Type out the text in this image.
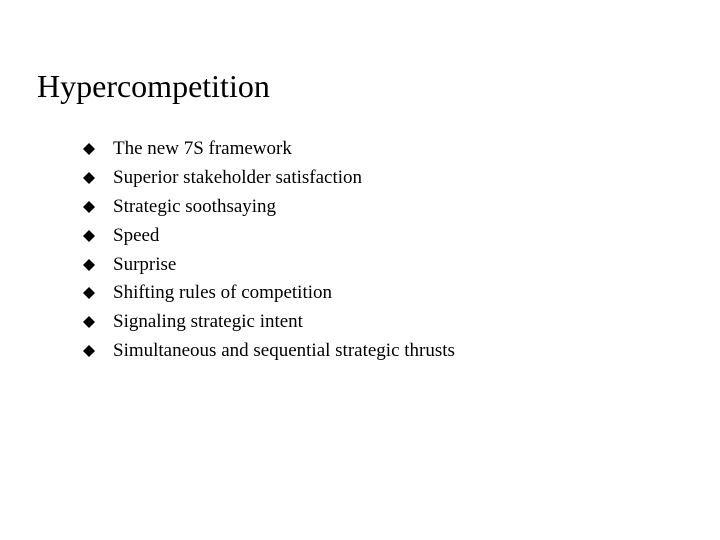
Hypercompetition
The new 7S framework
Superior stakeholder satisfaction
Strategic soothsaying
Speed
Surprise
Shifting rules of competition
Signaling strategic intent
Simultaneous and sequential strategic thrusts
